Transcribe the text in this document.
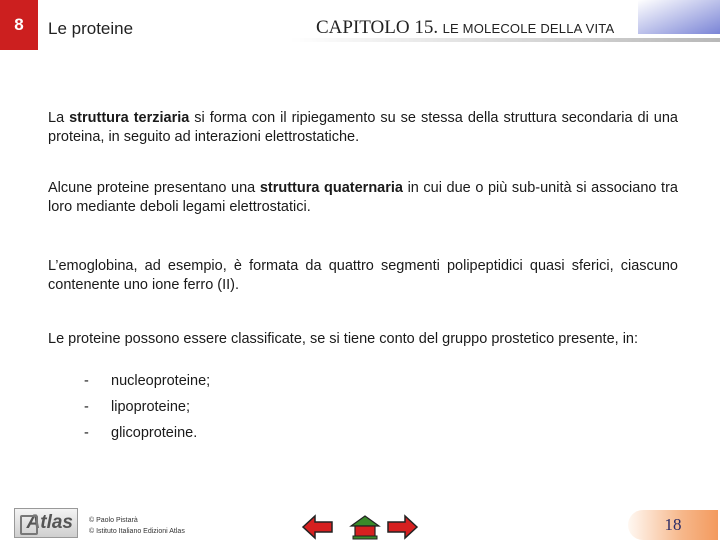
8	Le proteine	CAPITOLO 15. LE MOLECOLE DELLA VITA
La struttura terziaria si forma con il ripiegamento su se stessa della struttura secondaria di una proteina, in seguito ad interazioni elettrostatiche.
Alcune proteine presentano una struttura quaternaria in cui due o più sub-unità si associano tra loro mediante deboli legami elettrostatici.
L’emoglobina, ad esempio, è formata da quattro segmenti polipeptidici quasi sferici, ciascuno contenente uno ione ferro (II).
Le proteine possono essere classificate, se si tiene conto del gruppo prostetico presente, in:
- nucleoproteine;
- lipoproteine;
- glicoproteine.
Atlas © Paolo Pistarà
© Istituto Italiano Edizioni Atlas	18
